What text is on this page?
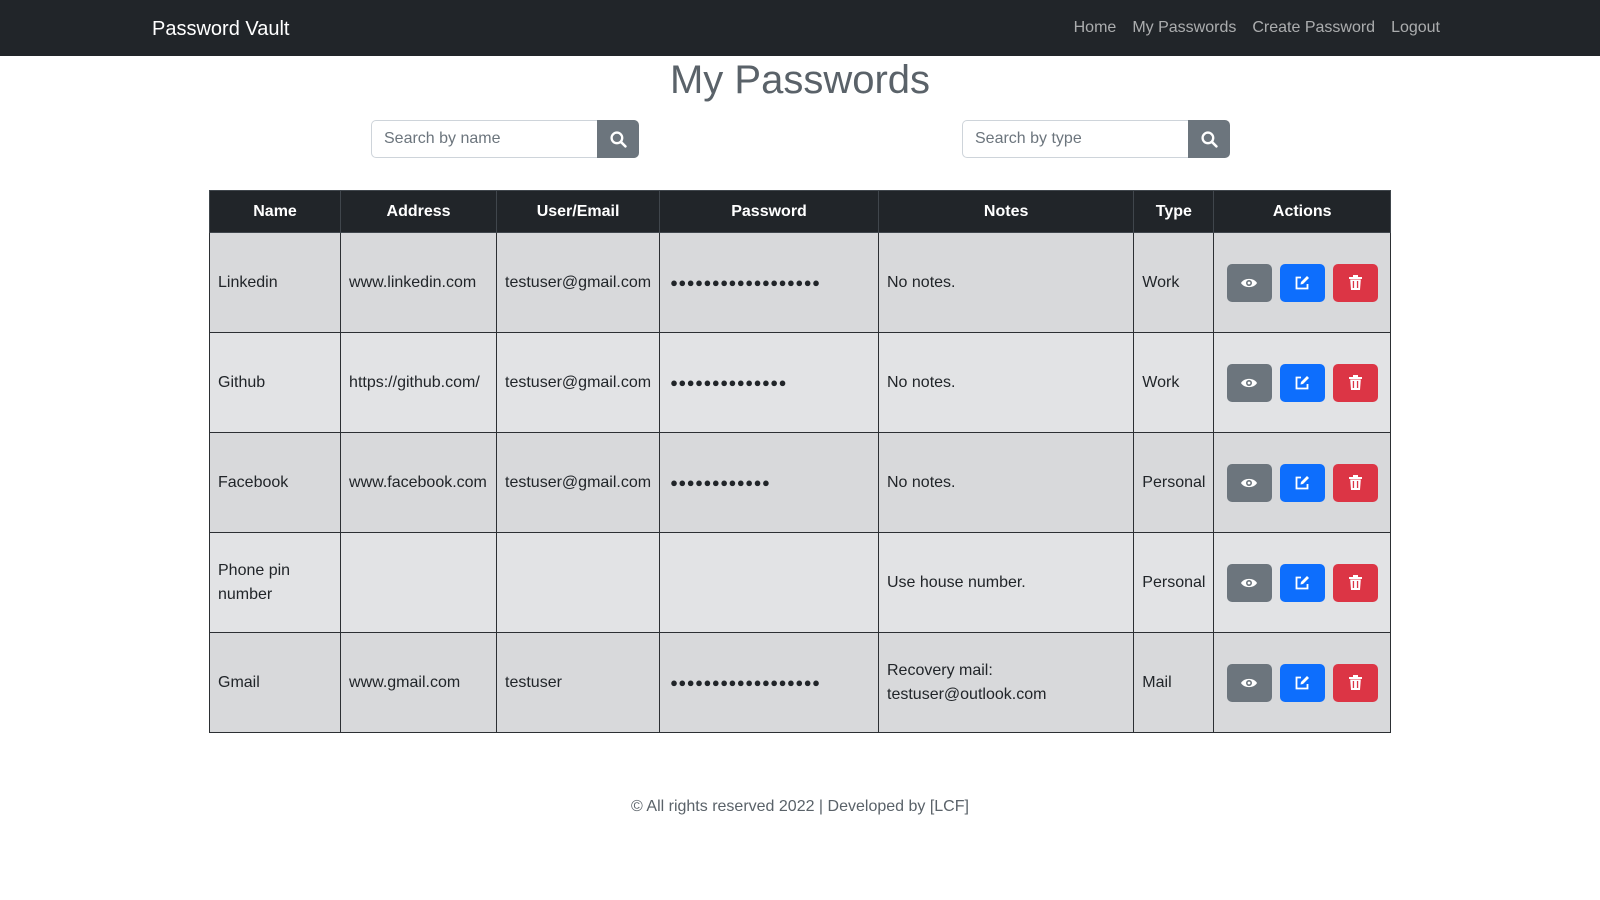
Password Vault	Home My Passwords Create Password Logout
My Passwords
Search by name
Search by type
Name	Address	User/Email	Password	Notes	Type	Actions
Linkedin	www.linkedin.com	testuser@gmail.com	●●●●●●●●●●●●●●●●●●	No notes.	Work	

Github	https://github.com/	testuser@gmail.com	●●●●●●●●●●●●●●	No notes.	Work	

Facebook	www.facebook.com	testuser@gmail.com	●●●●●●●●●●●●	No notes.	Personal	

Phone pin number				Use house number.	Personal	

Gmail	www.gmail.com	testuser	●●●●●●●●●●●●●●●●●●	Recovery mail: testuser@outlook.com	Mail	
© All rights reserved 2022 | Developed by [LCF]
